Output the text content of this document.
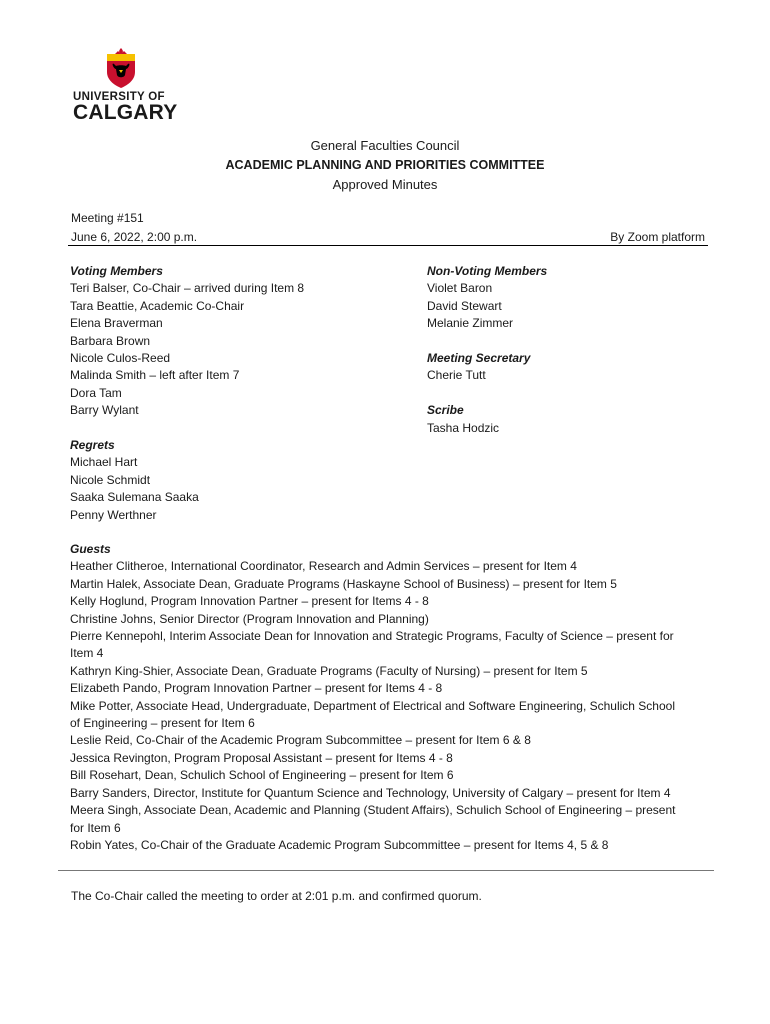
UNIVERSITY OF
CALGARY
General Faculties Council
ACADEMIC PLANNING AND PRIORITIES COMMITTEE
Approved Minutes
Meeting #151
June 6, 2022, 2:00 p.m.	By Zoom platform
Voting Members
Teri Balser, Co-Chair – arrived during Item 8
Tara Beattie, Academic Co-Chair
Elena Braverman
Barbara Brown
Nicole Culos-Reed
Malinda Smith – left after Item 7
Dora Tam
Barry Wylant
Regrets
Michael Hart
Nicole Schmidt
Saaka Sulemana Saaka
Penny Werthner
Non-Voting Members
Violet Baron
David Stewart
Melanie Zimmer
Meeting Secretary
Cherie Tutt
Scribe
Tasha Hodzic
Guests
Heather Clitheroe, International Coordinator, Research and Admin Services – present for Item 4
Martin Halek, Associate Dean, Graduate Programs (Haskayne School of Business) – present for Item 5
Kelly Hoglund, Program Innovation Partner – present for Items 4 - 8
Christine Johns, Senior Director (Program Innovation and Planning)
Pierre Kennepohl, Interim Associate Dean for Innovation and Strategic Programs, Faculty of Science – present for
Item 4
Kathryn King-Shier, Associate Dean, Graduate Programs (Faculty of Nursing) – present for Item 5
Elizabeth Pando, Program Innovation Partner – present for Items 4 - 8
Mike Potter, Associate Head, Undergraduate, Department of Electrical and Software Engineering, Schulich School
of Engineering – present for Item 6
Leslie Reid, Co-Chair of the Academic Program Subcommittee – present for Item 6 & 8
Jessica Revington, Program Proposal Assistant – present for Items 4 - 8
Bill Rosehart, Dean, Schulich School of Engineering – present for Item 6
Barry Sanders, Director, Institute for Quantum Science and Technology, University of Calgary – present for Item 4
Meera Singh, Associate Dean, Academic and Planning (Student Affairs), Schulich School of Engineering – present
for Item 6
Robin Yates, Co-Chair of the Graduate Academic Program Subcommittee – present for Items 4, 5 & 8
The Co-Chair called the meeting to order at 2:01 p.m. and confirmed quorum.
